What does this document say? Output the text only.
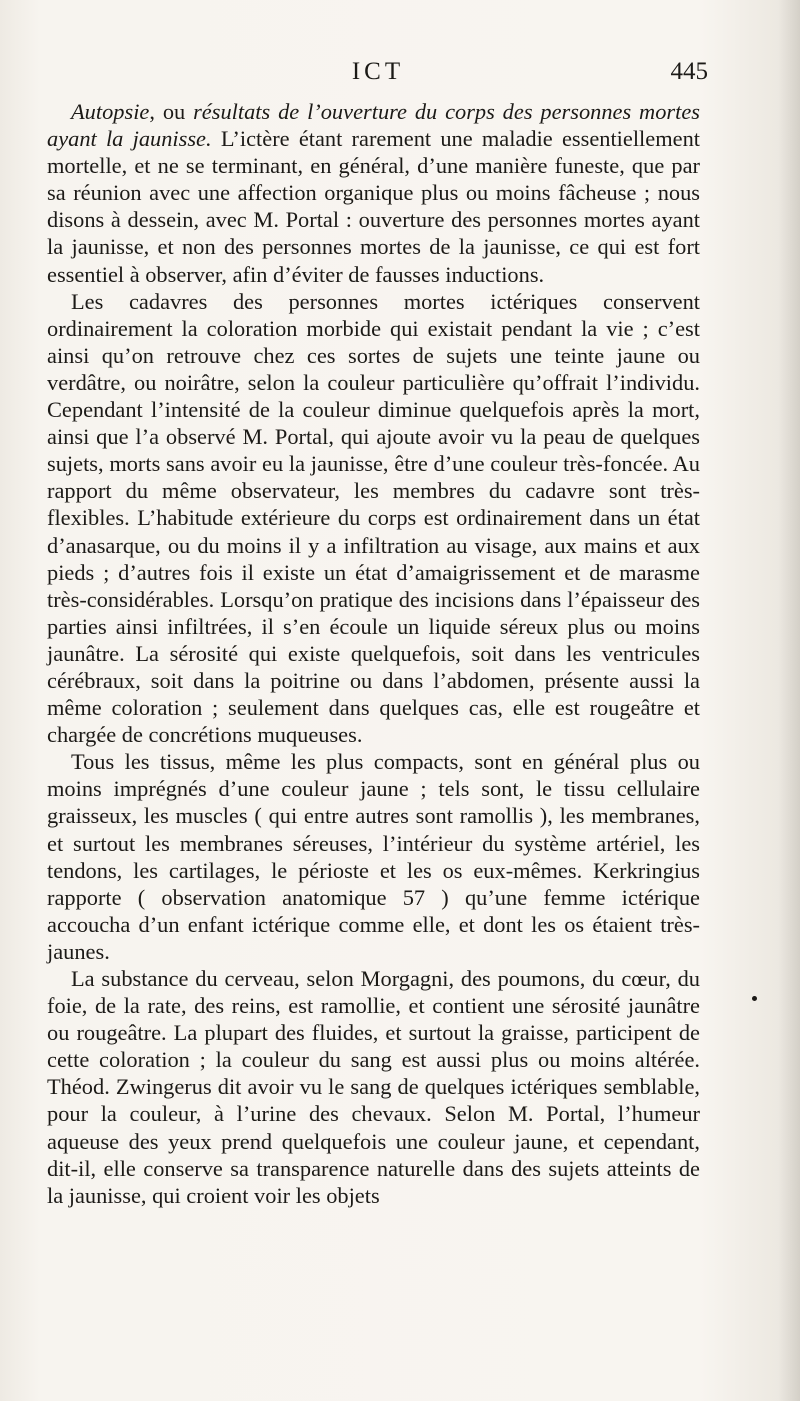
ICT	445

Autopsie, ou résultats de l’ouverture du corps des personnes mortes ayant la jaunisse. L’ictère étant rarement une maladie essentiellement mortelle, et ne se terminant, en général, d’une manière funeste, que par sa réunion avec une affection organique plus ou moins fâcheuse ; nous disons à dessein, avec M. Portal : ouverture des personnes mortes ayant la jaunisse, et non des personnes mortes de la jaunisse, ce qui est fort essentiel à observer, afin d’éviter de fausses inductions.

Les cadavres des personnes mortes ictériques conservent ordinairement la coloration morbide qui existait pendant la vie ; c’est ainsi qu’on retrouve chez ces sortes de sujets une teinte jaune ou verdâtre, ou noirâtre, selon la couleur particulière qu’offrait l’individu. Cependant l’intensité de la couleur diminue quelquefois après la mort, ainsi que l’a observé M. Portal, qui ajoute avoir vu la peau de quelques sujets, morts sans avoir eu la jaunisse, être d’une couleur très-foncée. Au rapport du même observateur, les membres du cadavre sont très-flexibles. L’habitude extérieure du corps est ordinairement dans un état d’anasarque, ou du moins il y a infiltration au visage, aux mains et aux pieds ; d’autres fois il existe un état d’amaigrissement et de marasme très-considérables. Lorsqu’on pratique des incisions dans l’épaisseur des parties ainsi infiltrées, il s’en écoule un liquide séreux plus ou moins jaunâtre. La sérosité qui existe quelquefois, soit dans les ventricules cérébraux, soit dans la poitrine ou dans l’abdomen, présente aussi la même coloration ; seulement dans quelques cas, elle est rougeâtre et chargée de concrétions muqueuses.

Tous les tissus, même les plus compacts, sont en général plus ou moins imprégnés d’une couleur jaune ; tels sont, le tissu cellulaire graisseux, les muscles ( qui entre autres sont ramollis ), les membranes, et surtout les membranes séreuses, l’intérieur du système artériel, les tendons, les cartilages, le périoste et les os eux-mêmes. Kerkringius rapporte ( observation anatomique 57 ) qu’une femme ictérique accoucha d’un enfant ictérique comme elle, et dont les os étaient très-jaunes.

La substance du cerveau, selon Morgagni, des poumons, du cœur, du foie, de la rate, des reins, est ramollie, et contient une sérosité jaunâtre ou rougeâtre. La plupart des fluides, et surtout la graisse, participent de cette coloration ; la couleur du sang est aussi plus ou moins altérée. Théod. Zwingerus dit avoir vu le sang de quelques ictériques semblable, pour la couleur, à l’urine des chevaux. Selon M. Portal, l’humeur aqueuse des yeux prend quelquefois une couleur jaune, et cependant, dit-il, elle conserve sa transparence naturelle dans des sujets atteints de la jaunisse, qui croient voir les objets
